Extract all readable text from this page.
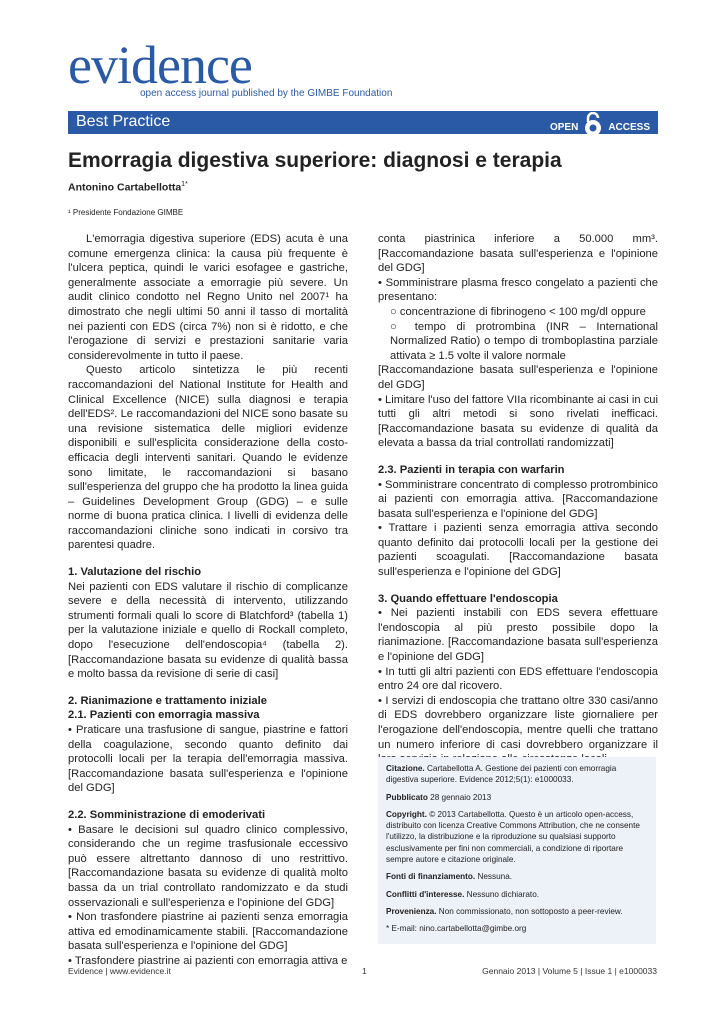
evidence
open access journal published by the GIMBE Foundation
Best Practice	OPEN	ACCESS
Emorragia digestiva superiore: diagnosi e terapia
Antonino Cartabellotta$^{1*}$
¹ Presidente Fondazione GIMBE

L'emorragia digestiva superiore (EDS) acuta è una comune emergenza clinica: la causa più frequente è l'ulcera peptica, quindi le varici esofagee e gastriche, generalmente associate a emorragie più severe. Un audit clinico condotto nel Regno Unito nel 2007¹ ha dimostrato che negli ultimi 50 anni il tasso di mortalità nei pazienti con EDS (circa 7%) non si è ridotto, e che l'erogazione di servizi e prestazioni sanitarie varia considerevolmente in tutto il paese.

Questo articolo sintetizza le più recenti raccomandazioni del National Institute for Health and Clinical Excellence (NICE) sulla diagnosi e terapia dell'EDS². Le raccomandazioni del NICE sono basate su una revisione sistematica delle migliori evidenze disponibili e sull'esplicita considerazione della costo-efficacia degli interventi sanitari. Quando le evidenze sono limitate, le raccomandazioni si basano sull'esperienza del gruppo che ha prodotto la linea guida – Guidelines Development Group (GDG) – e sulle norme di buona pratica clinica. I livelli di evidenza delle raccomandazioni cliniche sono indicati in corsivo tra parentesi quadre.

1. Valutazione del rischio

Nei pazienti con EDS valutare il rischio di complicanze severe e della necessità di intervento, utilizzando strumenti formali quali lo score di Blatchford³ (tabella 1) per la valutazione iniziale e quello di Rockall completo, dopo l'esecuzione dell'endoscopia⁴ (tabella 2). [Raccomandazione basata su evidenze di qualità bassa e molto bassa da revisione di serie di casi]

2. Rianimazione e trattamento iniziale
2.1. Pazienti con emorragia massiva

• Praticare una trasfusione di sangue, piastrine e fattori della coagulazione, secondo quanto definito dai protocolli locali per la terapia dell'emorragia massiva. [Raccomandazione basata sull'esperienza e l'opinione del GDG]

2.2. Somministrazione di emoderivati

• Basare le decisioni sul quadro clinico complessivo, considerando che un regime trasfusionale eccessivo può essere altrettanto dannoso di uno restrittivo. [Raccomandazione basata su evidenze di qualità molto bassa da un trial controllato randomizzato e da studi osservazionali e sull'esperienza e l'opinione del GDG]

• Non trasfondere piastrine ai pazienti senza emorragia attiva ed emodinamicamente stabili. [Raccomandazione basata sull'esperienza e l'opinione del GDG]

• Trasfondere piastrine ai pazienti con emorragia attiva e

conta piastrinica inferiore a 50.000 mm³. [Raccomandazione basata sull'esperienza e l'opinione del GDG]

• Somministrare plasma fresco congelato a pazienti che presentano:

○ concentrazione di fibrinogeno < 100 mg/dl oppure

○ tempo di protrombina (INR – International Normalized Ratio) o tempo di tromboplastina parziale attivata ≥ 1.5 volte il valore normale

[Raccomandazione basata sull'esperienza e l'opinione del GDG]

• Limitare l'uso del fattore VIIa ricombinante ai casi in cui tutti gli altri metodi si sono rivelati inefficaci. [Raccomandazione basata su evidenze di qualità da elevata a bassa da trial controllati randomizzati]

2.3. Pazienti in terapia con warfarin

• Somministrare concentrato di complesso protrombinico ai pazienti con emorragia attiva. [Raccomandazione basata sull'esperienza e l'opinione del GDG]

• Trattare i pazienti senza emorragia attiva secondo quanto definito dai protocolli locali per la gestione dei pazienti scoagulati. [Raccomandazione basata sull'esperienza e l'opinione del GDG]

3. Quando effettuare l'endoscopia

• Nei pazienti instabili con EDS severa effettuare l'endoscopia al più presto possibile dopo la rianimazione. [Raccomandazione basata sull'esperienza e l'opinione del GDG]

• In tutti gli altri pazienti con EDS effettuare l'endoscopia entro 24 ore dal ricovero.

• I servizi di endoscopia che trattano oltre 330 casi/anno di EDS dovrebbero organizzare liste giornaliere per l'erogazione dell'endoscopia, mentre quelli che trattano un numero inferiore di casi dovrebbero organizzare il

Citazione. Cartabellotta A. Gestione dei pazienti con emorragia digestiva superiore. Evidence 2012;5(1): e1000033.

Pubblicato 28 gennaio 2013

Copyright. © 2013 Cartabellotta. Questo è un articolo open-access, distribuito con licenza Creative Commons Attribution, che ne consente l'utilizzo, la distribuzione e la riproduzione su qualsiasi supporto esclusivamente per fini non commerciali, a condizione di riportare sempre autore e citazione originale.

Fonti di finanziamento. Nessuna.

Conflitti d'interesse. Nessuno dichiarato.

Provenienza. Non commissionato, non sottoposto a peer-review.

* E-mail: nino.cartabellotta@gimbe.org

Evidence | www.evidence.it	1	Gennaio 2013 | Volume 5 | Issue 1 | e1000033
